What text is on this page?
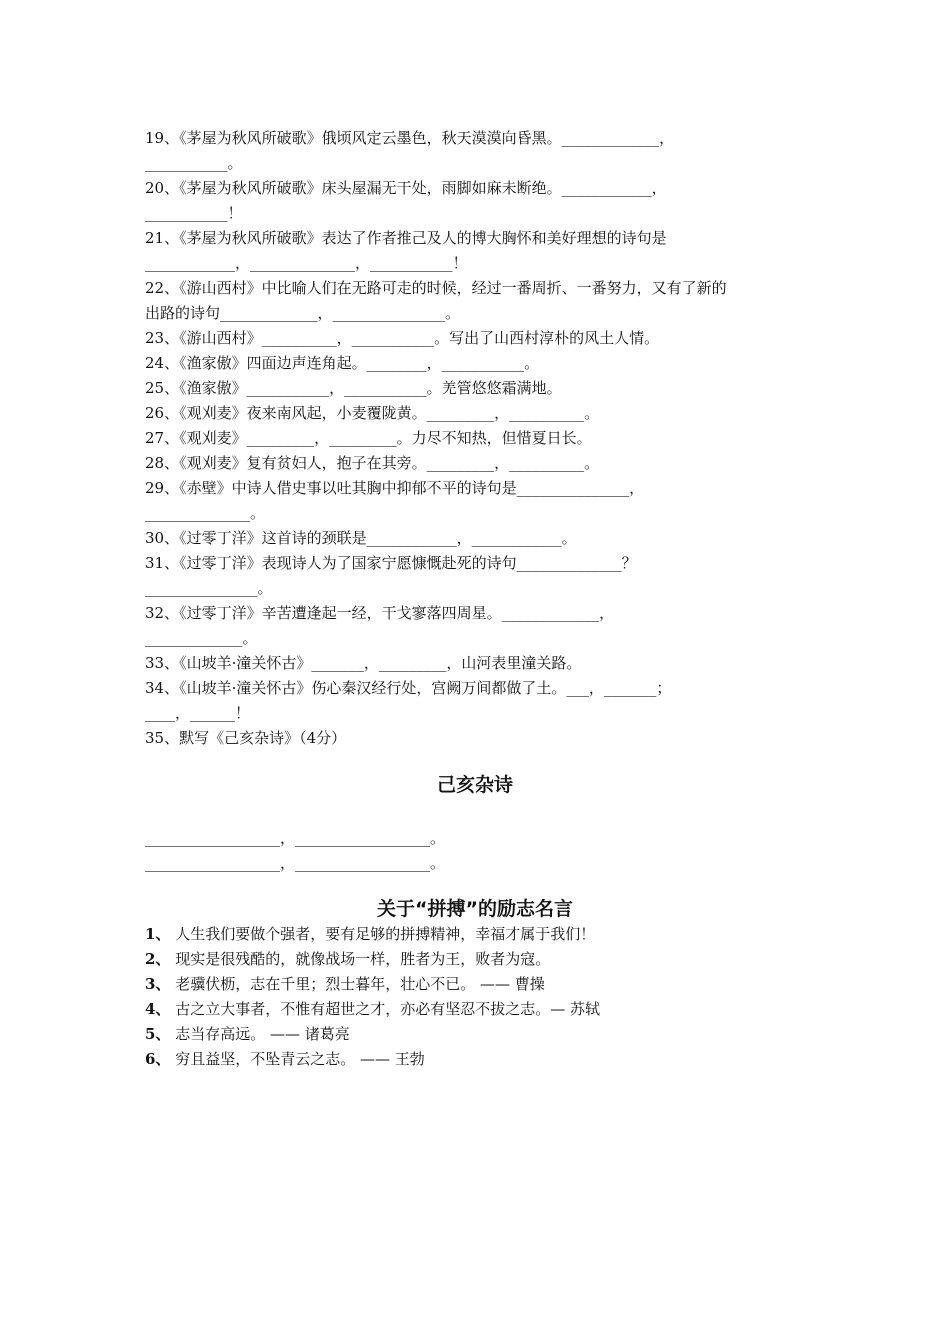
19、《茅屋为秋风所破歌》俄顷风定云墨色，秋天漠漠向昏黑。_____________，
___________。
20、《茅屋为秋风所破歌》床头屋漏无干处，雨脚如麻未断绝。____________，
___________！
21、《茅屋为秋风所破歌》表达了作者推己及人的博大胸怀和美好理想的诗句是
____________，______________，___________！
22、《游山西村》中比喻人们在无路可走的时候，经过一番周折、一番努力，又有了新的
出路的诗句_____________，_______________。
23、《游山西村》__________，___________。写出了山西村淳朴的风土人情。
24、《渔家傲》四面边声连角起。________，___________。
25、《渔家傲》___________，___________。羌管悠悠霜满地。
26、《观刈麦》夜来南风起，小麦覆陇黄。_________，__________。
27、《观刈麦》_________，_________。力尽不知热，但惜夏日长。
28、《观刈麦》复有贫妇人，抱子在其旁。_________，__________。
29、《赤壁》中诗人借史事以吐其胸中抑郁不平的诗句是_______________，
______________。
30、《过零丁洋》这首诗的颈联是____________，____________。
31、《过零丁洋》表现诗人为了国家宁愿慷慨赴死的诗句______________？
_______________。
32、《过零丁洋》辛苦遭逢起一经，干戈寥落四周星。_____________，
_____________。
33、《山坡羊·潼关怀古》_______，_________，山河表里潼关路。
34、《山坡羊·潼关怀古》伤心秦汉经行处，宫阙万间都做了土。___，_______；
____，______！
35、默写《己亥杂诗》（4分）
己亥杂诗
__________________，__________________。
__________________，__________________。
关于“拼搏”的励志名言
1、 人生我们要做个强者，要有足够的拼搏精神，幸福才属于我们！
2、 现实是很残酷的，就像战场一样，胜者为王，败者为寇。
3、 老骥伏枥，志在千里；烈士暮年，壮心不已。 —— 曹操
4、 古之立大事者，不惟有超世之才，亦必有坚忍不拔之志。— 苏轼
5、 志当存高远。 —— 诸葛亮
6、 穷且益坚，不坠青云之志。 —— 王勃
